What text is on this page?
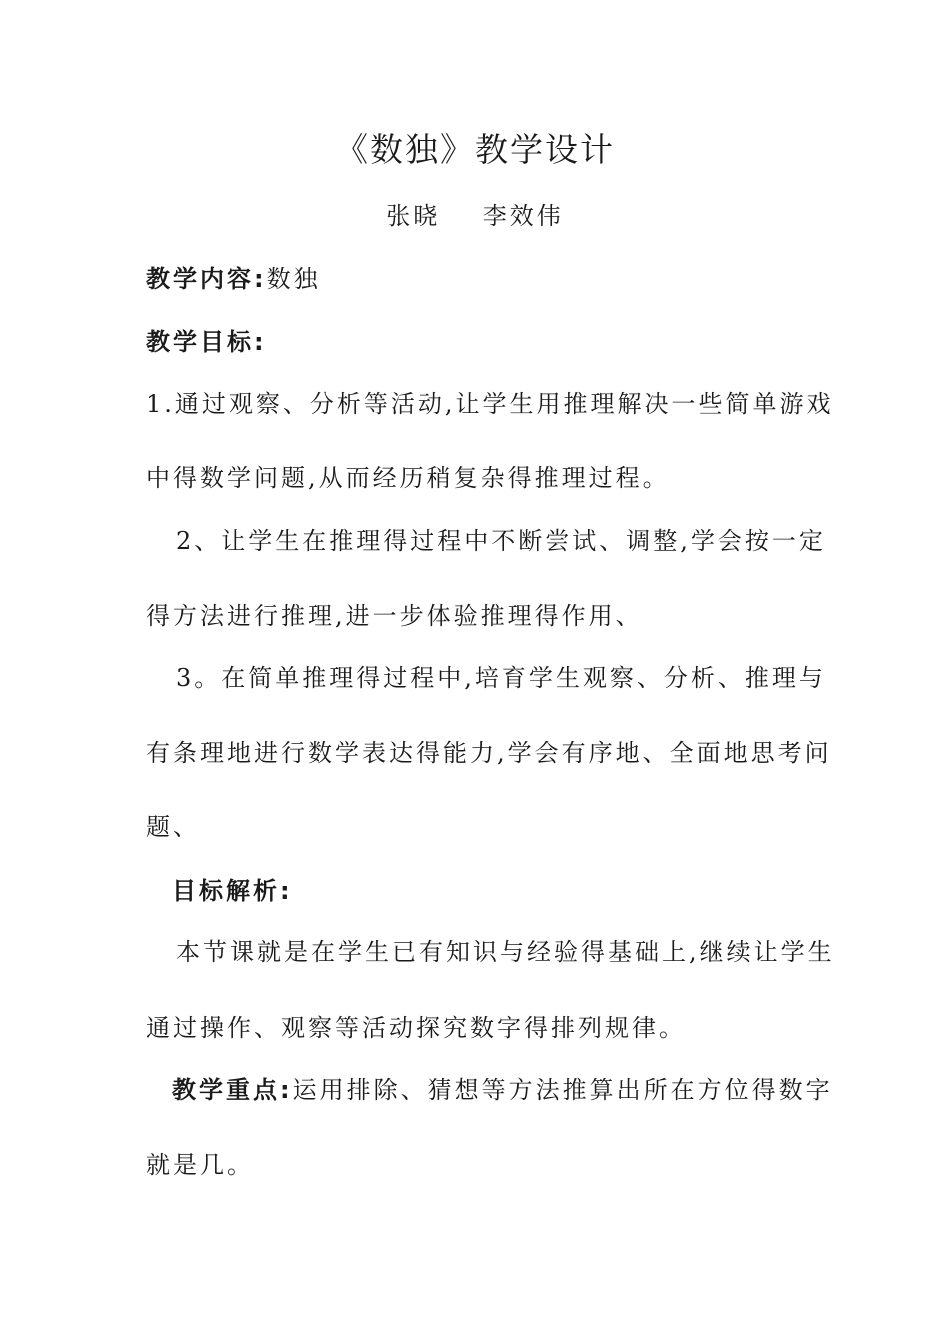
《数独》教学设计
张晓    李效伟
教学内容:数独
教学目标:
1.通过观察、分析等活动,让学生用推理解决一些简单游戏
中得数学问题,从而经历稍复杂得推理过程。
2、让学生在推理得过程中不断尝试、调整,学会按一定
得方法进行推理,进一步体验推理得作用、
3。在简单推理得过程中,培育学生观察、分析、推理与
有条理地进行数学表达得能力,学会有序地、全面地思考问
题、
目标解析:
本节课就是在学生已有知识与经验得基础上,继续让学生
通过操作、观察等活动探究数字得排列规律。
教学重点:运用排除、猜想等方法推算出所在方位得数字
就是几。
